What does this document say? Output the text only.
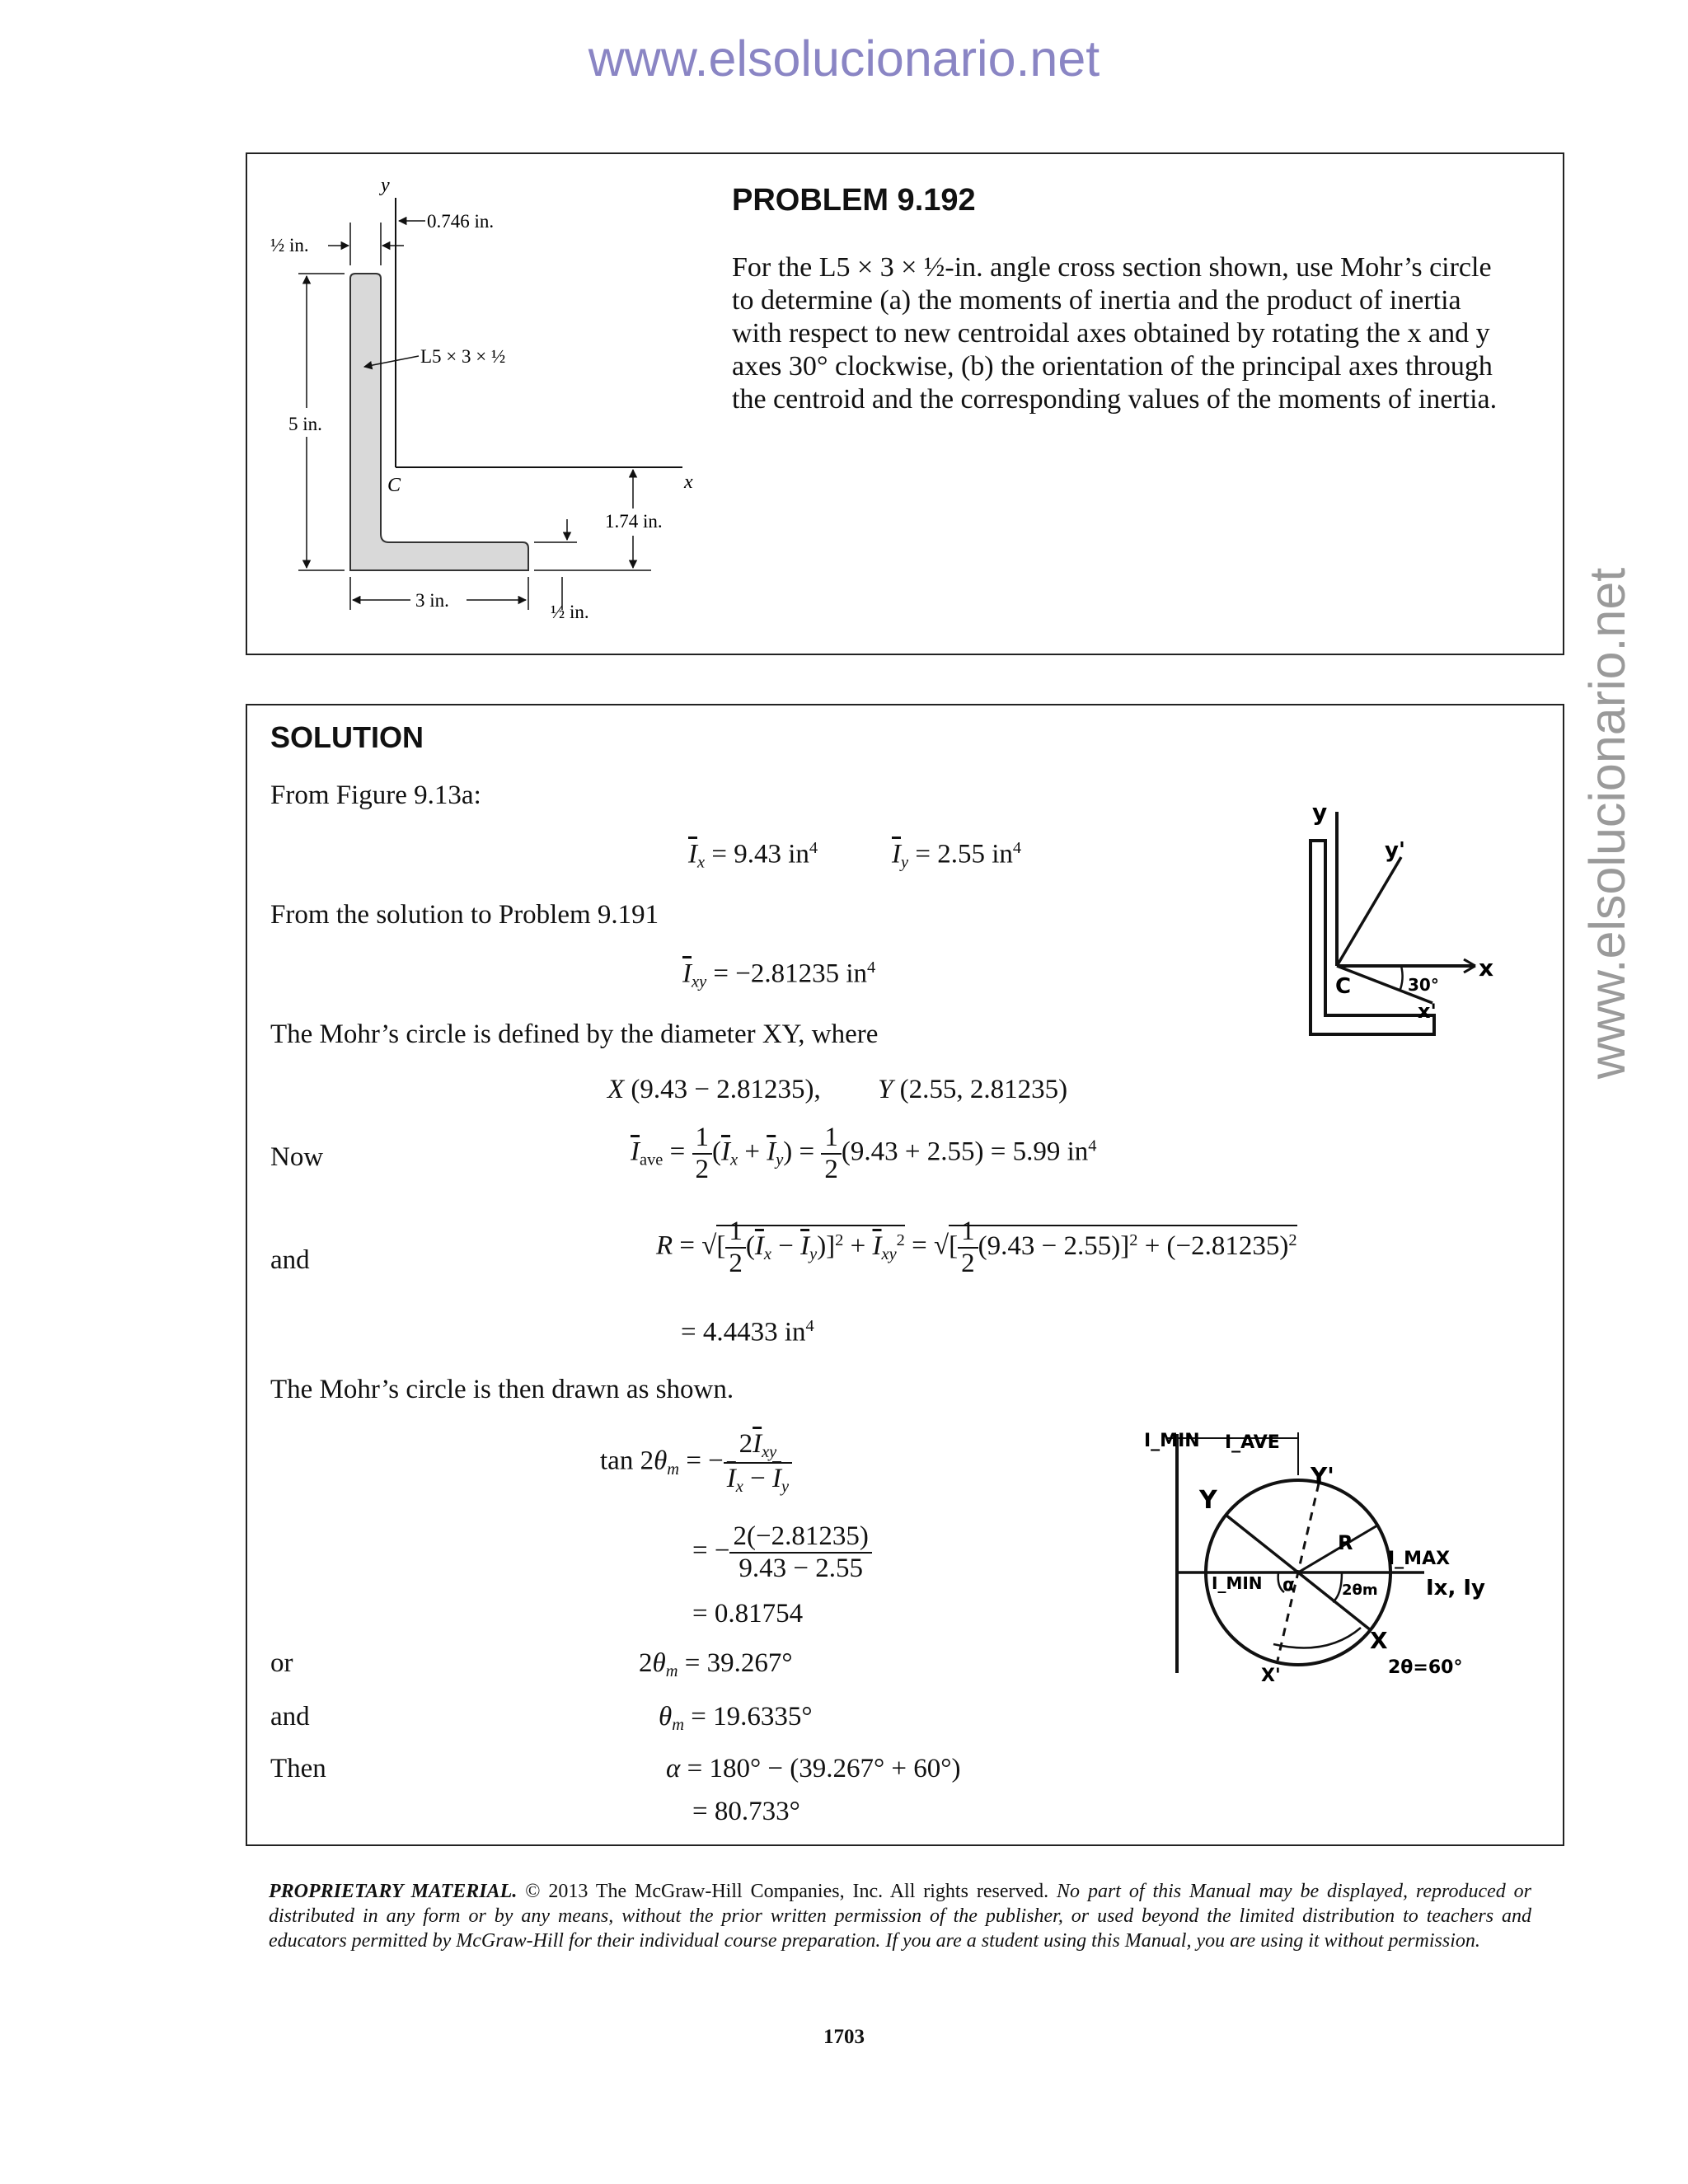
www.elsolucionario.net
www.elsolucionario.net
y
x
C
½ in.
0.746 in.
L5 × 3 × ½
5 in.
1.74 in.
3 in.
½ in.
PROBLEM 9.192
For the L5 × 3 × ½-in. angle cross section shown, use Mohr’s circle
to determine (a) the moments of inertia and the product of inertia
with respect to new centroidal axes obtained by rotating the x and y
axes 30° clockwise, (b) the orientation of the principal axes through
the centroid and the corresponding values of the moments of inertia.
SOLUTION
From Figure 9.13a:
$\overline{I}_x = 9.43$ $in^4$	$\overline{I}_y = 2.55$ $in^4$
From the solution to Problem 9.191
$\overline{I}_{xy} = -2.81235$ $in^4$
The Mohr’s circle is defined by the diameter XY, where
X (9.43 − 2.81235), Y (2.55, 2.81235)
Now	$\overline{I}_{ave} = \frac{1}{2} (\overline{I}_x + \overline{I}_y) = \frac{1}{2} (9.43 + 2.55) = 5.99$ $in^4$
and	R = √[ $\frac{1}{2} (\overline{I}_x - \overline{I}_y)]^2 + \overline{I}_{xy}^2$ = √[ $\frac{1}{2} (9.43 - 2.55)]^2 + (-2.81235)^2$
= 4.4433 $in^4$
The Mohr’s circle is then drawn as shown.
$\tan 2\theta_m$ = − $\frac{2\overline{I}_{xy}}{\overline{I}_x - \overline{I}_y}$
= − $\frac{2(-2.81235)}{9.43 - 2.55}$
= 0.81754
or	$2\theta_m = 39.267^\circ$
and	$\theta_m = 19.6335^\circ$
Then	α = 180° − (39.267° + 60°)
= 80.733°
y
y'
x
x'
C	30°
I_MIN I_AVE
Y'
Y
R
I_MAX
Ix, Iy
I_MIN α	2θm
X
X'	2θ=60°
PROPRIETARY MATERIAL. © 2013 The McGraw-Hill Companies, Inc. All rights reserved. No part of this Manual may be displayed, reproduced or distributed in any form or by any means, without the prior written permission of the publisher, or used beyond the limited distribution to teachers and educators permitted by McGraw-Hill for their individual course preparation. If you are a student using this Manual, you are using it without permission.
1703
